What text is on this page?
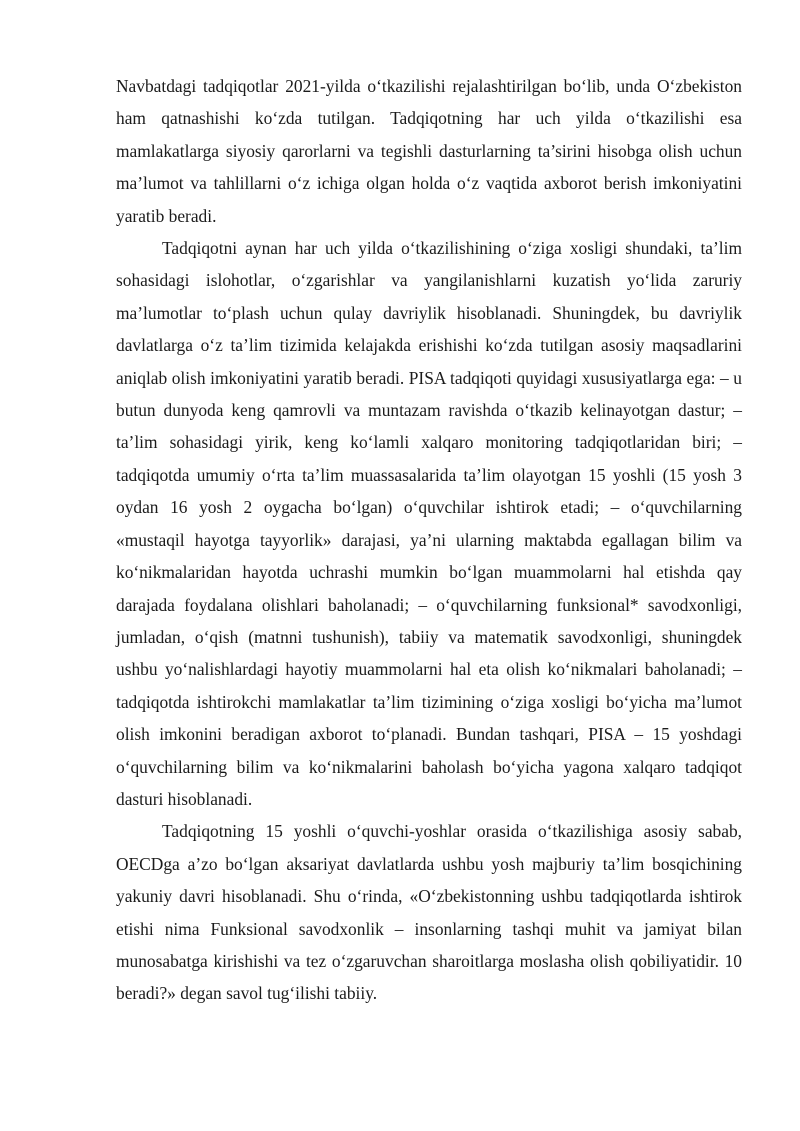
Navbatdagi tadqiqotlar 2021-yilda o‘tkazilishi rejalashtirilgan bo‘lib, unda O‘zbekiston ham qatnashishi ko‘zda tutilgan. Tadqiqotning har uch yilda o‘tkazilishi esa mamlakatlarga siyosiy qarorlarni va tegishli dasturlarning ta’sirini hisobga olish uchun ma’lumot va tahlillarni o‘z ichiga olgan holda o‘z vaqtida axborot berish imkoniyatini yaratib beradi.

Tadqiqotni aynan har uch yilda o‘tkazilishining o‘ziga xosligi shundaki, ta’lim sohasidagi islohotlar, o‘zgarishlar va yangilanishlarni kuzatish yo‘lida zaruriy ma’lumotlar to‘plash uchun qulay davriylik hisoblanadi. Shuningdek, bu davriylik davlatlarga o‘z ta’lim tizimida kelajakda erishishi ko‘zda tutilgan asosiy maqsadlarini aniqlab olish imkoniyatini yaratib beradi. PISA tadqiqoti quyidagi xususiyatlarga ega: – u butun dunyoda keng qamrovli va muntazam ravishda o‘tkazib kelinayotgan dastur; – ta’lim sohasidagi yirik, keng ko‘lamli xalqaro monitoring tadqiqotlaridan biri; – tadqiqotda umumiy o‘rta ta’lim muassasalarida ta’lim olayotgan 15 yoshli (15 yosh 3 oydan 16 yosh 2 oygacha bo‘lgan) o‘quvchilar ishtirok etadi; – o‘quvchilarning «mustaqil hayotga tayyorlik» darajasi, ya’ni ularning maktabda egallagan bilim va ko‘nikmalaridan hayotda uchrashi mumkin bo‘lgan muammolarni hal etishda qay darajada foydalana olishlari baholanadi; – o‘quvchilarning funksional* savodxonligi, jumladan, o‘qish (matnni tushunish), tabiiy va matematik savodxonligi, shuningdek ushbu yo‘nalishlardagi hayotiy muammolarni hal eta olish ko‘nikmalari baholanadi; – tadqiqotda ishtirokchi mamlakatlar ta’lim tizimining o‘ziga xosligi bo‘yicha ma’lumot olish imkonini beradigan axborot to‘planadi. Bundan tashqari, PISA – 15 yoshdagi o‘quvchilarning bilim va ko‘nikmalarini baholash bo‘yicha yagona xalqaro tadqiqot dasturi hisoblanadi.

Tadqiqotning 15 yoshli o‘quvchi-yoshlar orasida o‘tkazilishiga asosiy sabab, OECDga a’zo bo‘lgan aksariyat davlatlarda ushbu yosh majburiy ta’lim bosqichining yakuniy davri hisoblanadi. Shu o‘rinda, «O‘zbekistonning ushbu tadqiqotlarda ishtirok etishi nima Funksional savodxonlik – insonlarning tashqi muhit va jamiyat bilan munosabatga kirishishi va tez o‘zgaruvchan sharoitlarga moslasha olish qobiliyatidir. 10 beradi?» degan savol tug‘ilishi tabiiy.
